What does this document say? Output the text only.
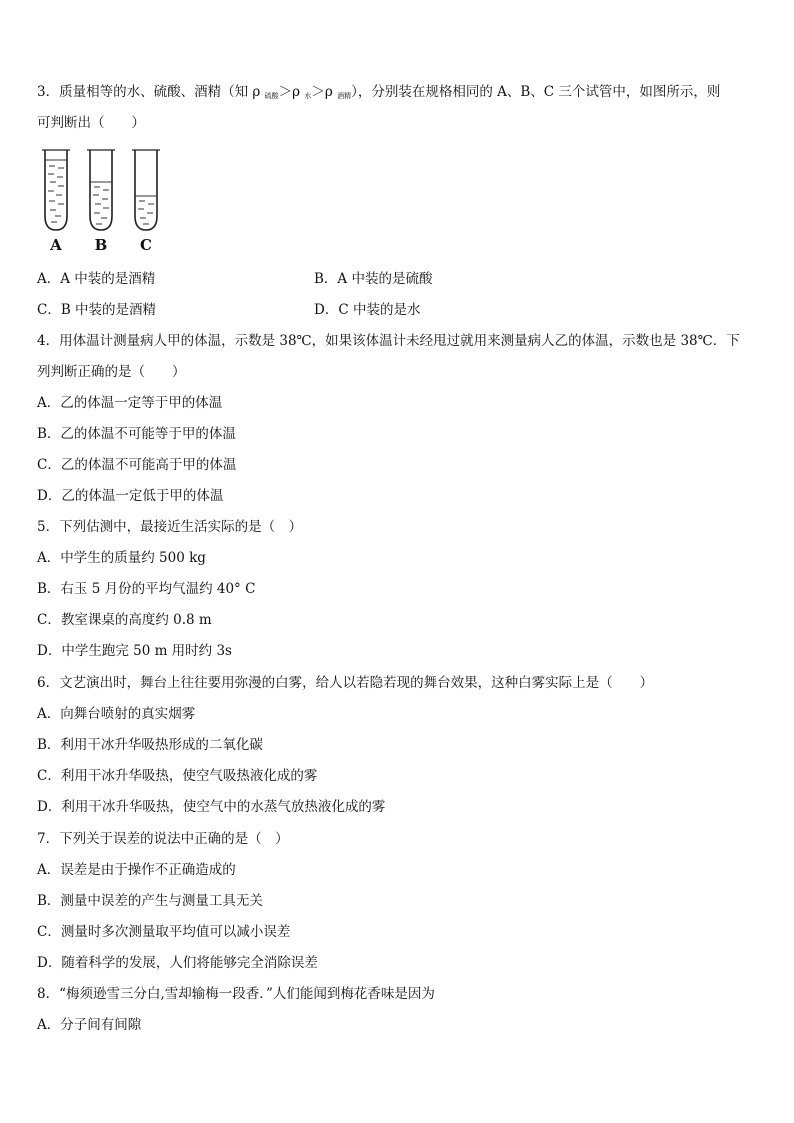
3．质量相等的水、硫酸、酒精（知 ρ $_{硫酸}$＞ρ $_水$＞ρ $_{酒精}$），分别装在规格相同的 A、B、C 三个试管中，如图所示，则
可判断出（　　）
A B C
A．A 中装的是酒精	B．A 中装的是硫酸
C．B 中装的是酒精	D．C 中装的是水
4．用体温计测量病人甲的体温，示数是 38℃，如果该体温计未经甩过就用来测量病人乙的体温，示数也是 38℃．下
列判断正确的是（　　）
A．乙的体温一定等于甲的体温
B．乙的体温不可能等于甲的体温
C．乙的体温不可能高于甲的体温
D．乙的体温一定低于甲的体温
5．下列估测中，最接近生活实际的是（　）
A．中学生的质量约 500 kg
B．右玉 5 月份的平均气温约 40° C
C．教室课桌的高度约 0.8 m
D．中学生跑完 50 m 用时约 3s
6．文艺演出时，舞台上往往要用弥漫的白雾，给人以若隐若现的舞台效果，这种白雾实际上是（　　）
A．向舞台喷射的真实烟雾
B．利用干冰升华吸热形成的二氧化碳
C．利用干冰升华吸热，使空气吸热液化成的雾
D．利用干冰升华吸热，使空气中的水蒸气放热液化成的雾
7．下列关于误差的说法中正确的是（　）
A．误差是由于操作不正确造成的
B．测量中误差的产生与测量工具无关
C．测量时多次测量取平均值可以减小误差
D．随着科学的发展，人们将能够完全消除误差
8．“梅须逊雪三分白,雪却输梅一段香．”人们能闻到梅花香味是因为
A．分子间有间隙
